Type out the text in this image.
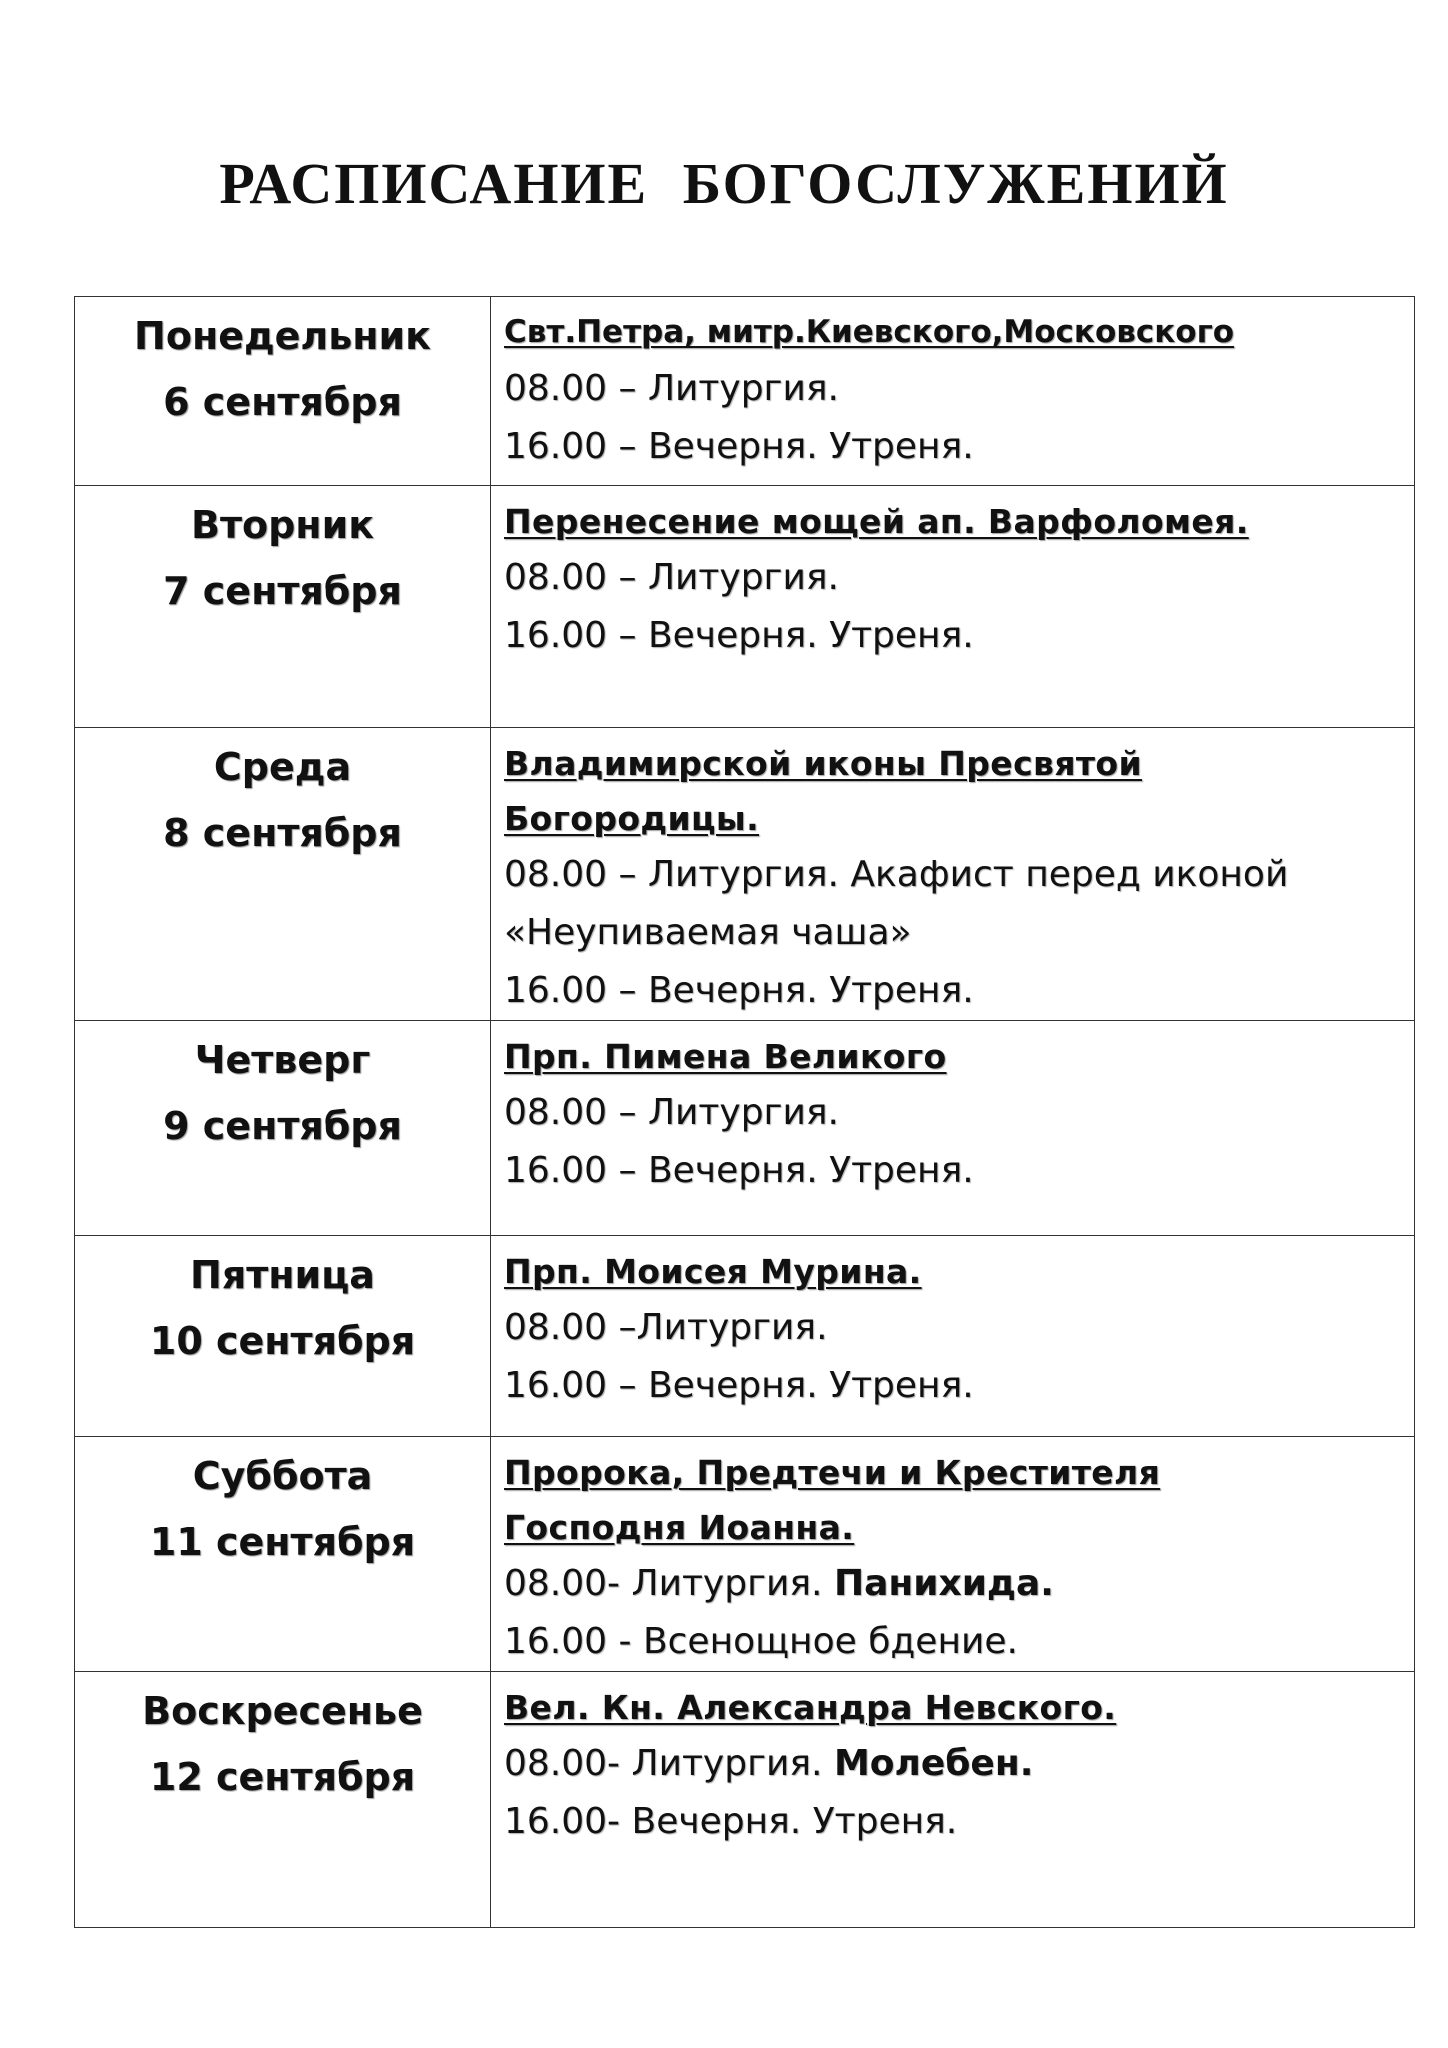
РАСПИСАНИЕ БОГОСЛУЖЕНИЙ
Понедельник
6 сентября	Свт.Петра, митр.Киевского,Московского
08.00 – Литургия.
16.00 – Вечерня. Утреня.

Вторник
7 сентября	Перенесение мощей ап. Варфоломея.
08.00 – Литургия.
16.00 – Вечерня. Утреня.

Среда
8 сентября	Владимирской иконы Пресвятой Богородицы.
08.00 – Литургия. Акафист перед иконой «Неупиваемая чаша»
16.00 – Вечерня. Утреня.

Четверг
9 сентября	Прп. Пимена Великого
08.00 – Литургия.
16.00 – Вечерня. Утреня.

Пятница
10 сентября	Прп. Моисея Мурина.
08.00 –Литургия.
16.00 – Вечерня. Утреня.

Суббота
11 сентября	Пророка, Предтечи и Крестителя Господня Иоанна.
08.00- Литургия. Панихида.
16.00 - Всенощное бдение.

Воскресенье
12 сентября	Вел. Кн. Александра Невского.
08.00- Литургия. Молебен.
16.00- Вечерня. Утреня.
